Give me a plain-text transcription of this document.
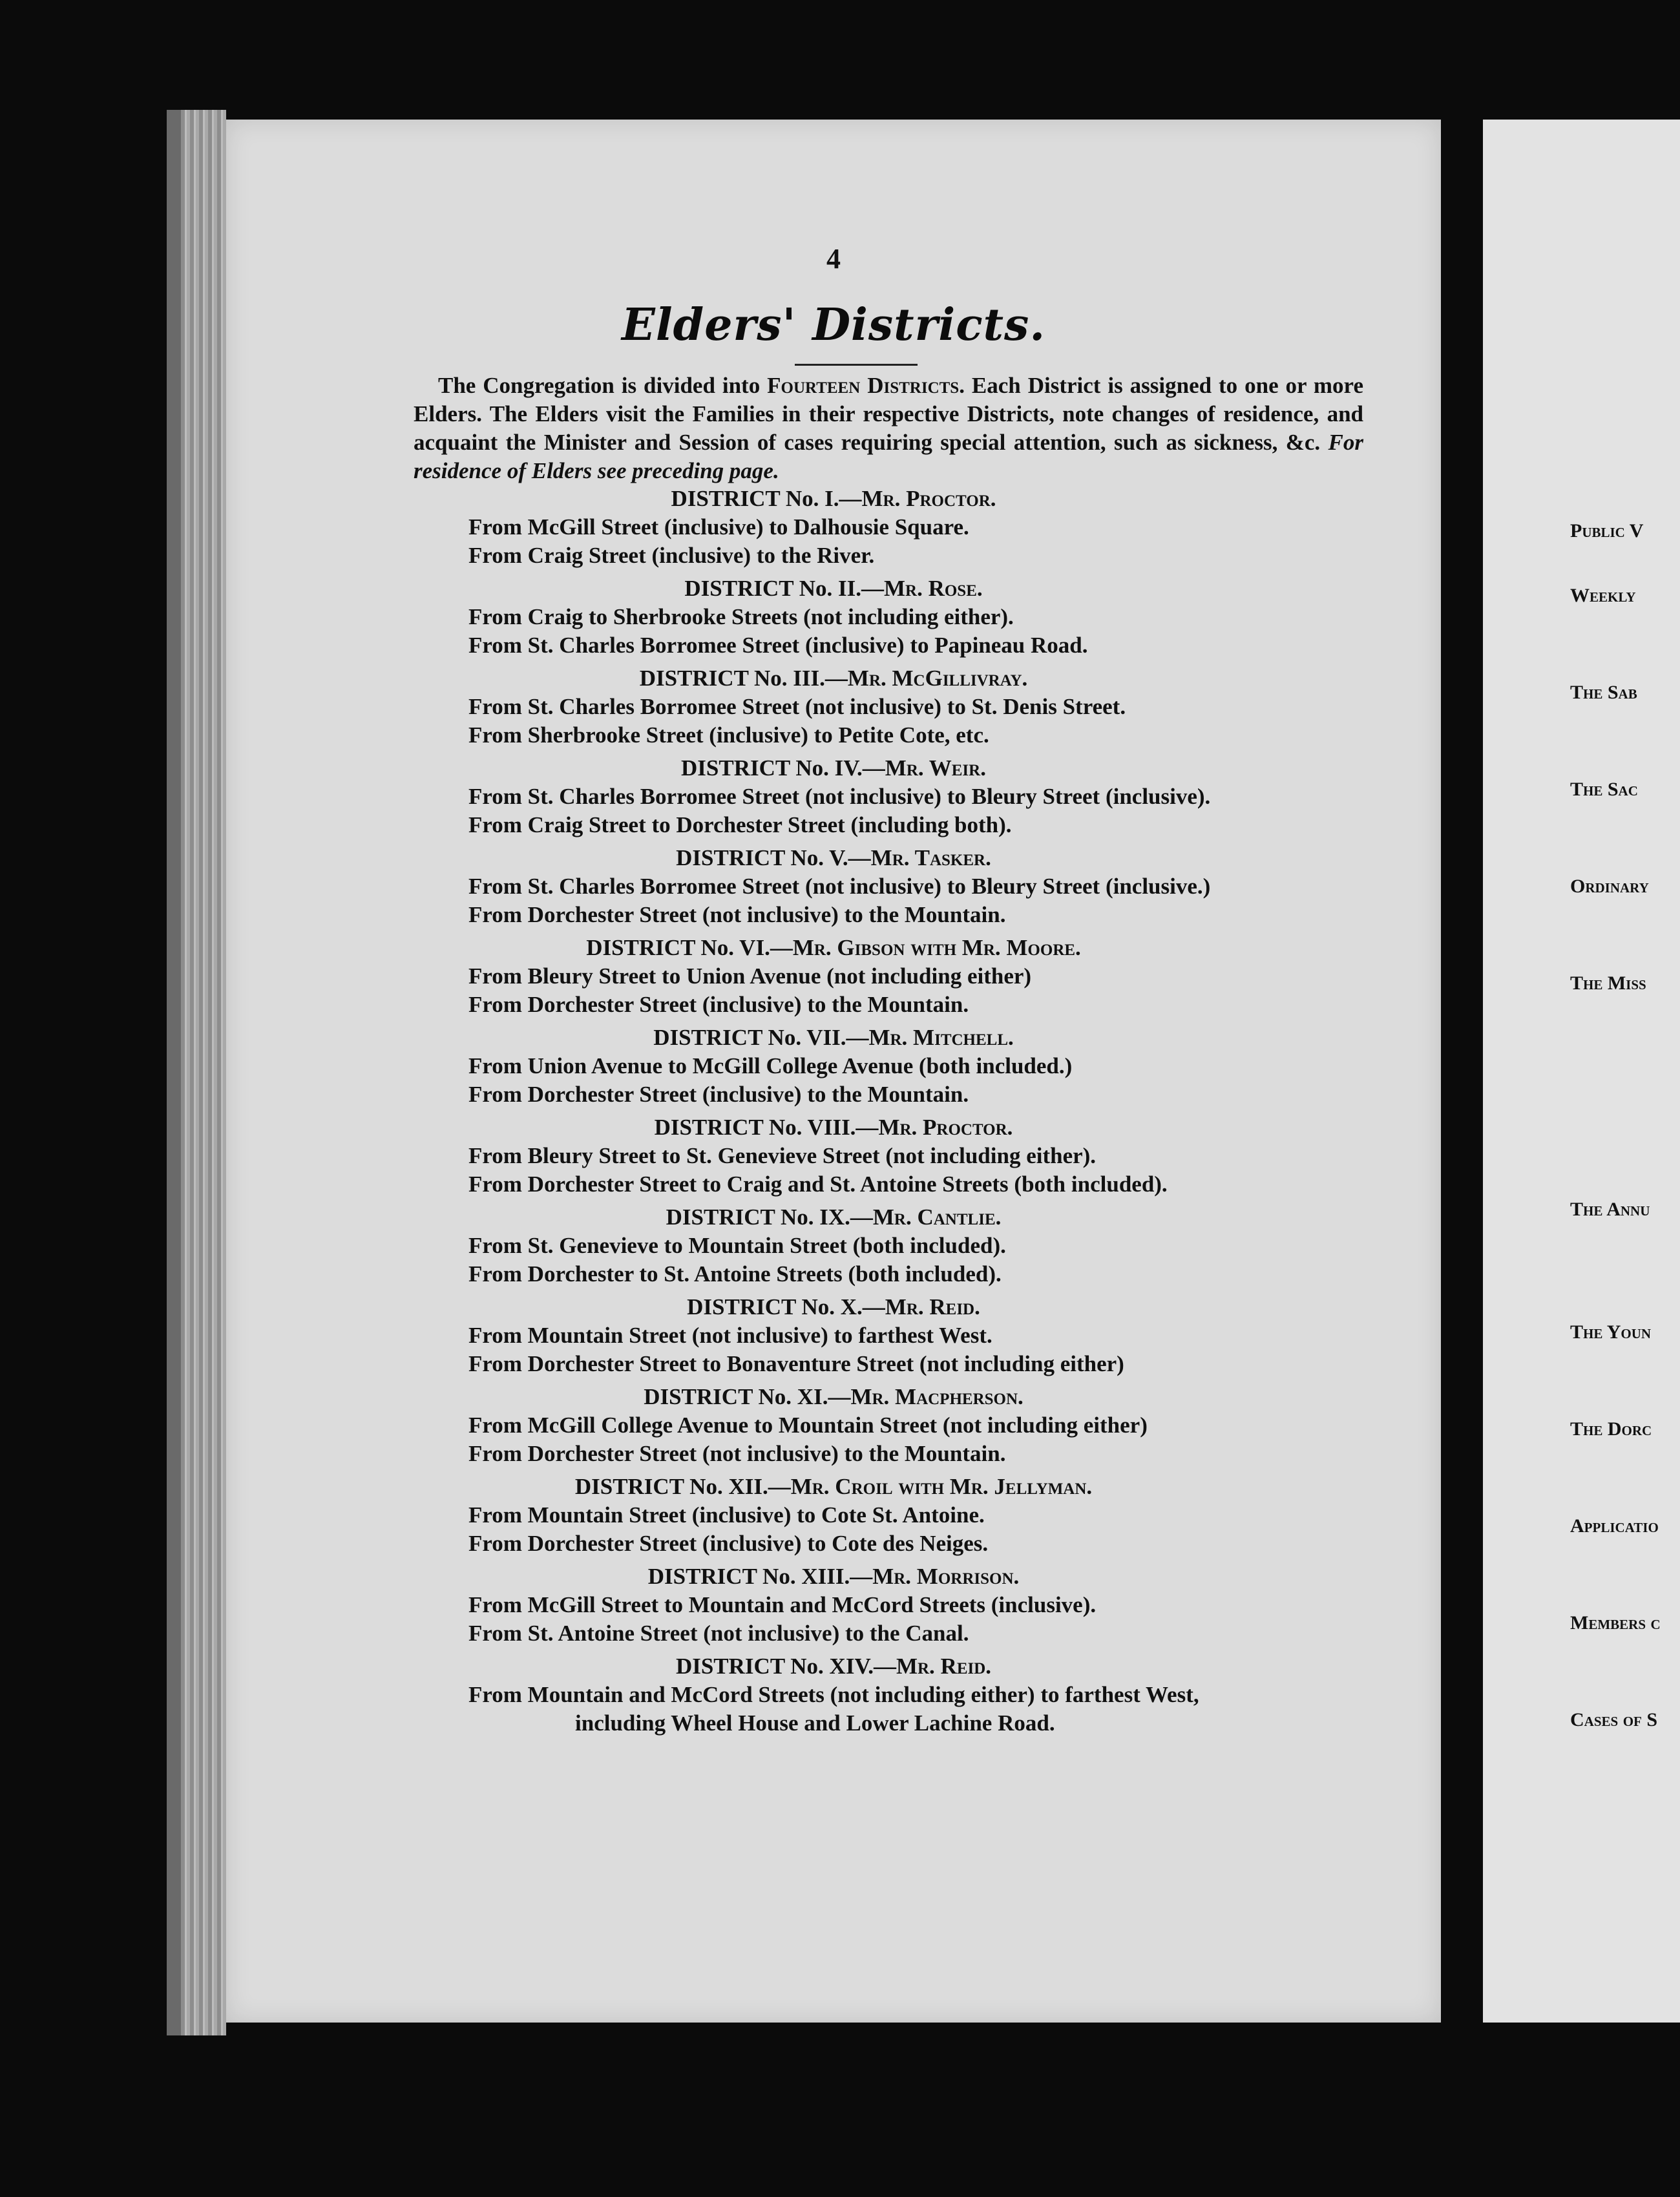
4
Elders' Districts.
The Congregation is divided into Fourteen Districts. Each District is assigned to one or more Elders. The Elders visit the Families in their respective Districts, note changes of residence, and acquaint the Minister and Session of cases requiring special attention, such as sickness, &c. For residence of Elders see preceding page.
DISTRICT No. I.—Mr. Proctor.
From McGill Street (inclusive) to Dalhousie Square.
From Craig Street (inclusive) to the River.
DISTRICT No. II.—Mr. Rose.
From Craig to Sherbrooke Streets (not including either).
From St. Charles Borromee Street (inclusive) to Papineau Road.
DISTRICT No. III.—Mr. McGillivray.
From St. Charles Borromee Street (not inclusive) to St. Denis Street.
From Sherbrooke Street (inclusive) to Petite Cote, etc.
DISTRICT No. IV.—Mr. Weir.
From St. Charles Borromee Street (not inclusive) to Bleury Street (inclusive).
From Craig Street to Dorchester Street (including both).
DISTRICT No. V.—Mr. Tasker.
From St. Charles Borromee Street (not inclusive) to Bleury Street (inclusive.)
From Dorchester Street (not inclusive) to the Mountain.
DISTRICT No. VI.—Mr. Gibson with Mr. Moore.
From Bleury Street to Union Avenue (not including either)
From Dorchester Street (inclusive) to the Mountain.
DISTRICT No. VII.—Mr. Mitchell.
From Union Avenue to McGill College Avenue (both included.)
From Dorchester Street (inclusive) to the Mountain.
DISTRICT No. VIII.—Mr. Proctor.
From Bleury Street to St. Genevieve Street (not including either).
From Dorchester Street to Craig and St. Antoine Streets (both included).
DISTRICT No. IX.—Mr. Cantlie.
From St. Genevieve to Mountain Street (both included).
From Dorchester to St. Antoine Streets (both included).
DISTRICT No. X.—Mr. Reid.
From Mountain Street (not inclusive) to farthest West.
From Dorchester Street to Bonaventure Street (not including either)
DISTRICT No. XI.—Mr. Macpherson.
From McGill College Avenue to Mountain Street (not including either)
From Dorchester Street (not inclusive) to the Mountain.
DISTRICT No. XII.—Mr. Croil with Mr. Jellyman.
From Mountain Street (inclusive) to Cote St. Antoine.
From Dorchester Street (inclusive) to Cote des Neiges.
DISTRICT No. XIII.—Mr. Morrison.
From McGill Street to Mountain and McCord Streets (inclusive).
From St. Antoine Street (not inclusive) to the Canal.
DISTRICT No. XIV.—Mr. Reid.
From Mountain and McCord Streets (not including either) to farthest West,
including Wheel House and Lower Lachine Road.
Public V
Weekly
The Sab
The Sac
Ordinary
The Miss
The Annu
The Youn
The Dorc
Applicatio
Members c
Cases of S
